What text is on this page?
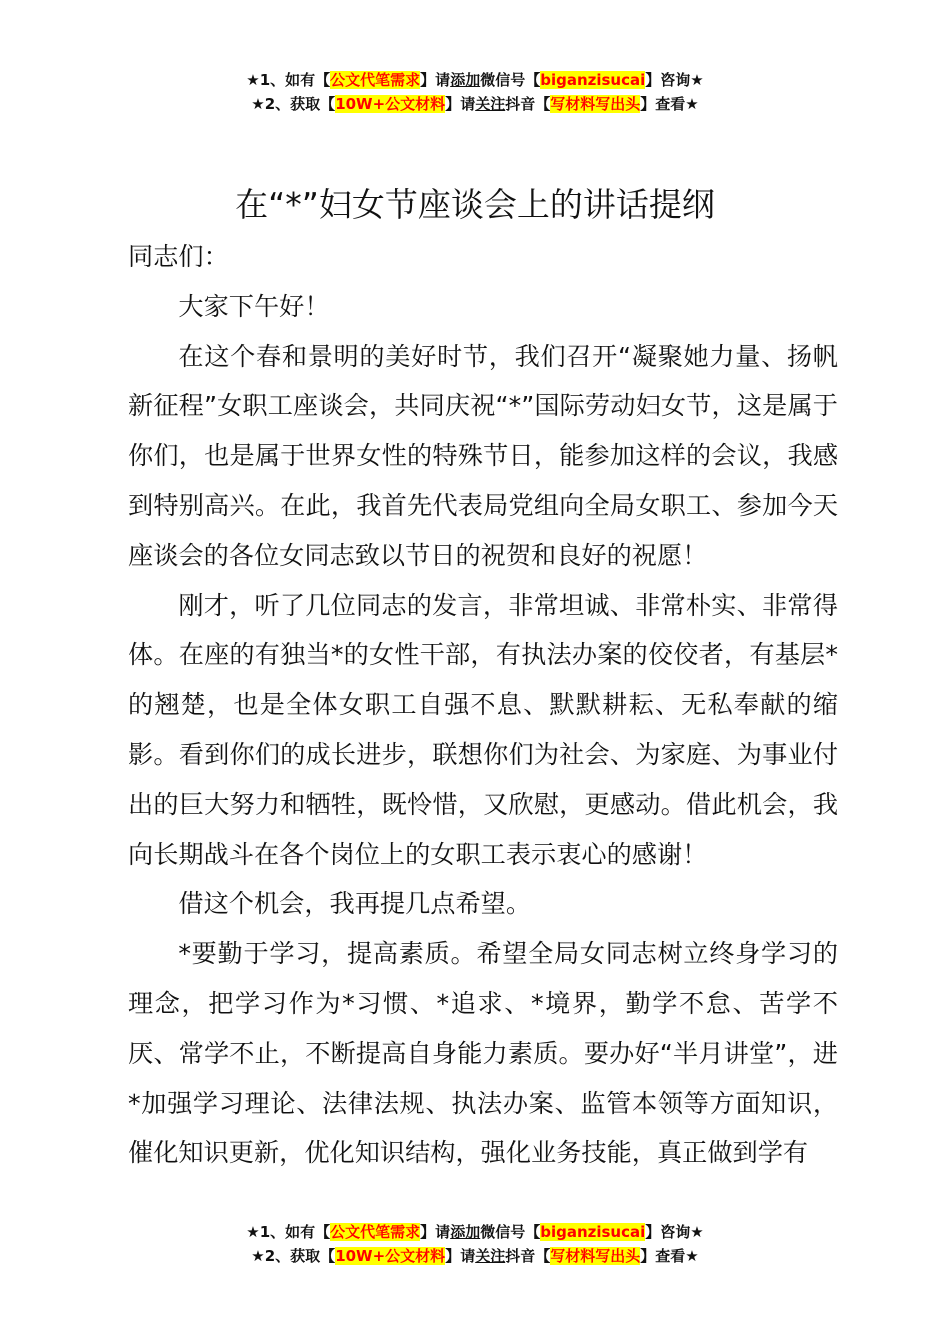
★1、如有【公文代笔需求】请添加微信号【biganzisucai】咨询★
★2、获取【10W+公文材料】请关注抖音【写材料写出头】查看★
在“*”妇女节座谈会上的讲话提纲

同志们：

大家下午好！

在这个春和景明的美好时节，我们召开“凝聚她力量、扬帆新征程”女职工座谈会，共同庆祝“*”国际劳动妇女节，这是属于你们，也是属于世界女性的特殊节日，能参加这样的会议，我感到特别高兴。在此，我首先代表局党组向全局女职工、参加今天座谈会的各位女同志致以节日的祝贺和良好的祝愿！

刚才，听了几位同志的发言，非常坦诚、非常朴实、非常得体。在座的有独当*的女性干部，有执法办案的佼佼者，有基层*的翘楚，也是全体女职工自强不息、默默耕耘、无私奉献的缩影。看到你们的成长进步，联想你们为社会、为家庭、为事业付出的巨大努力和牺牲，既怜惜，又欣慰，更感动。借此机会，我向长期战斗在各个岗位上的女职工表示衷心的感谢！

借这个机会，我再提几点希望。

*要勤于学习，提高素质。希望全局女同志树立终身学习的理念，把学习作为*习惯、*追求、*境界，勤学不怠、苦学不厌、常学不止，不断提高自身能力素质。要办好“半月讲堂”，进*加强学习理论、法律法规、执法办案、监管本领等方面知识，催化知识更新，优化知识结构，强化业务技能，真正做到学有

★1、如有【公文代笔需求】请添加微信号【biganzisucai】咨询★
★2、获取【10W+公文材料】请关注抖音【写材料写出头】查看★
